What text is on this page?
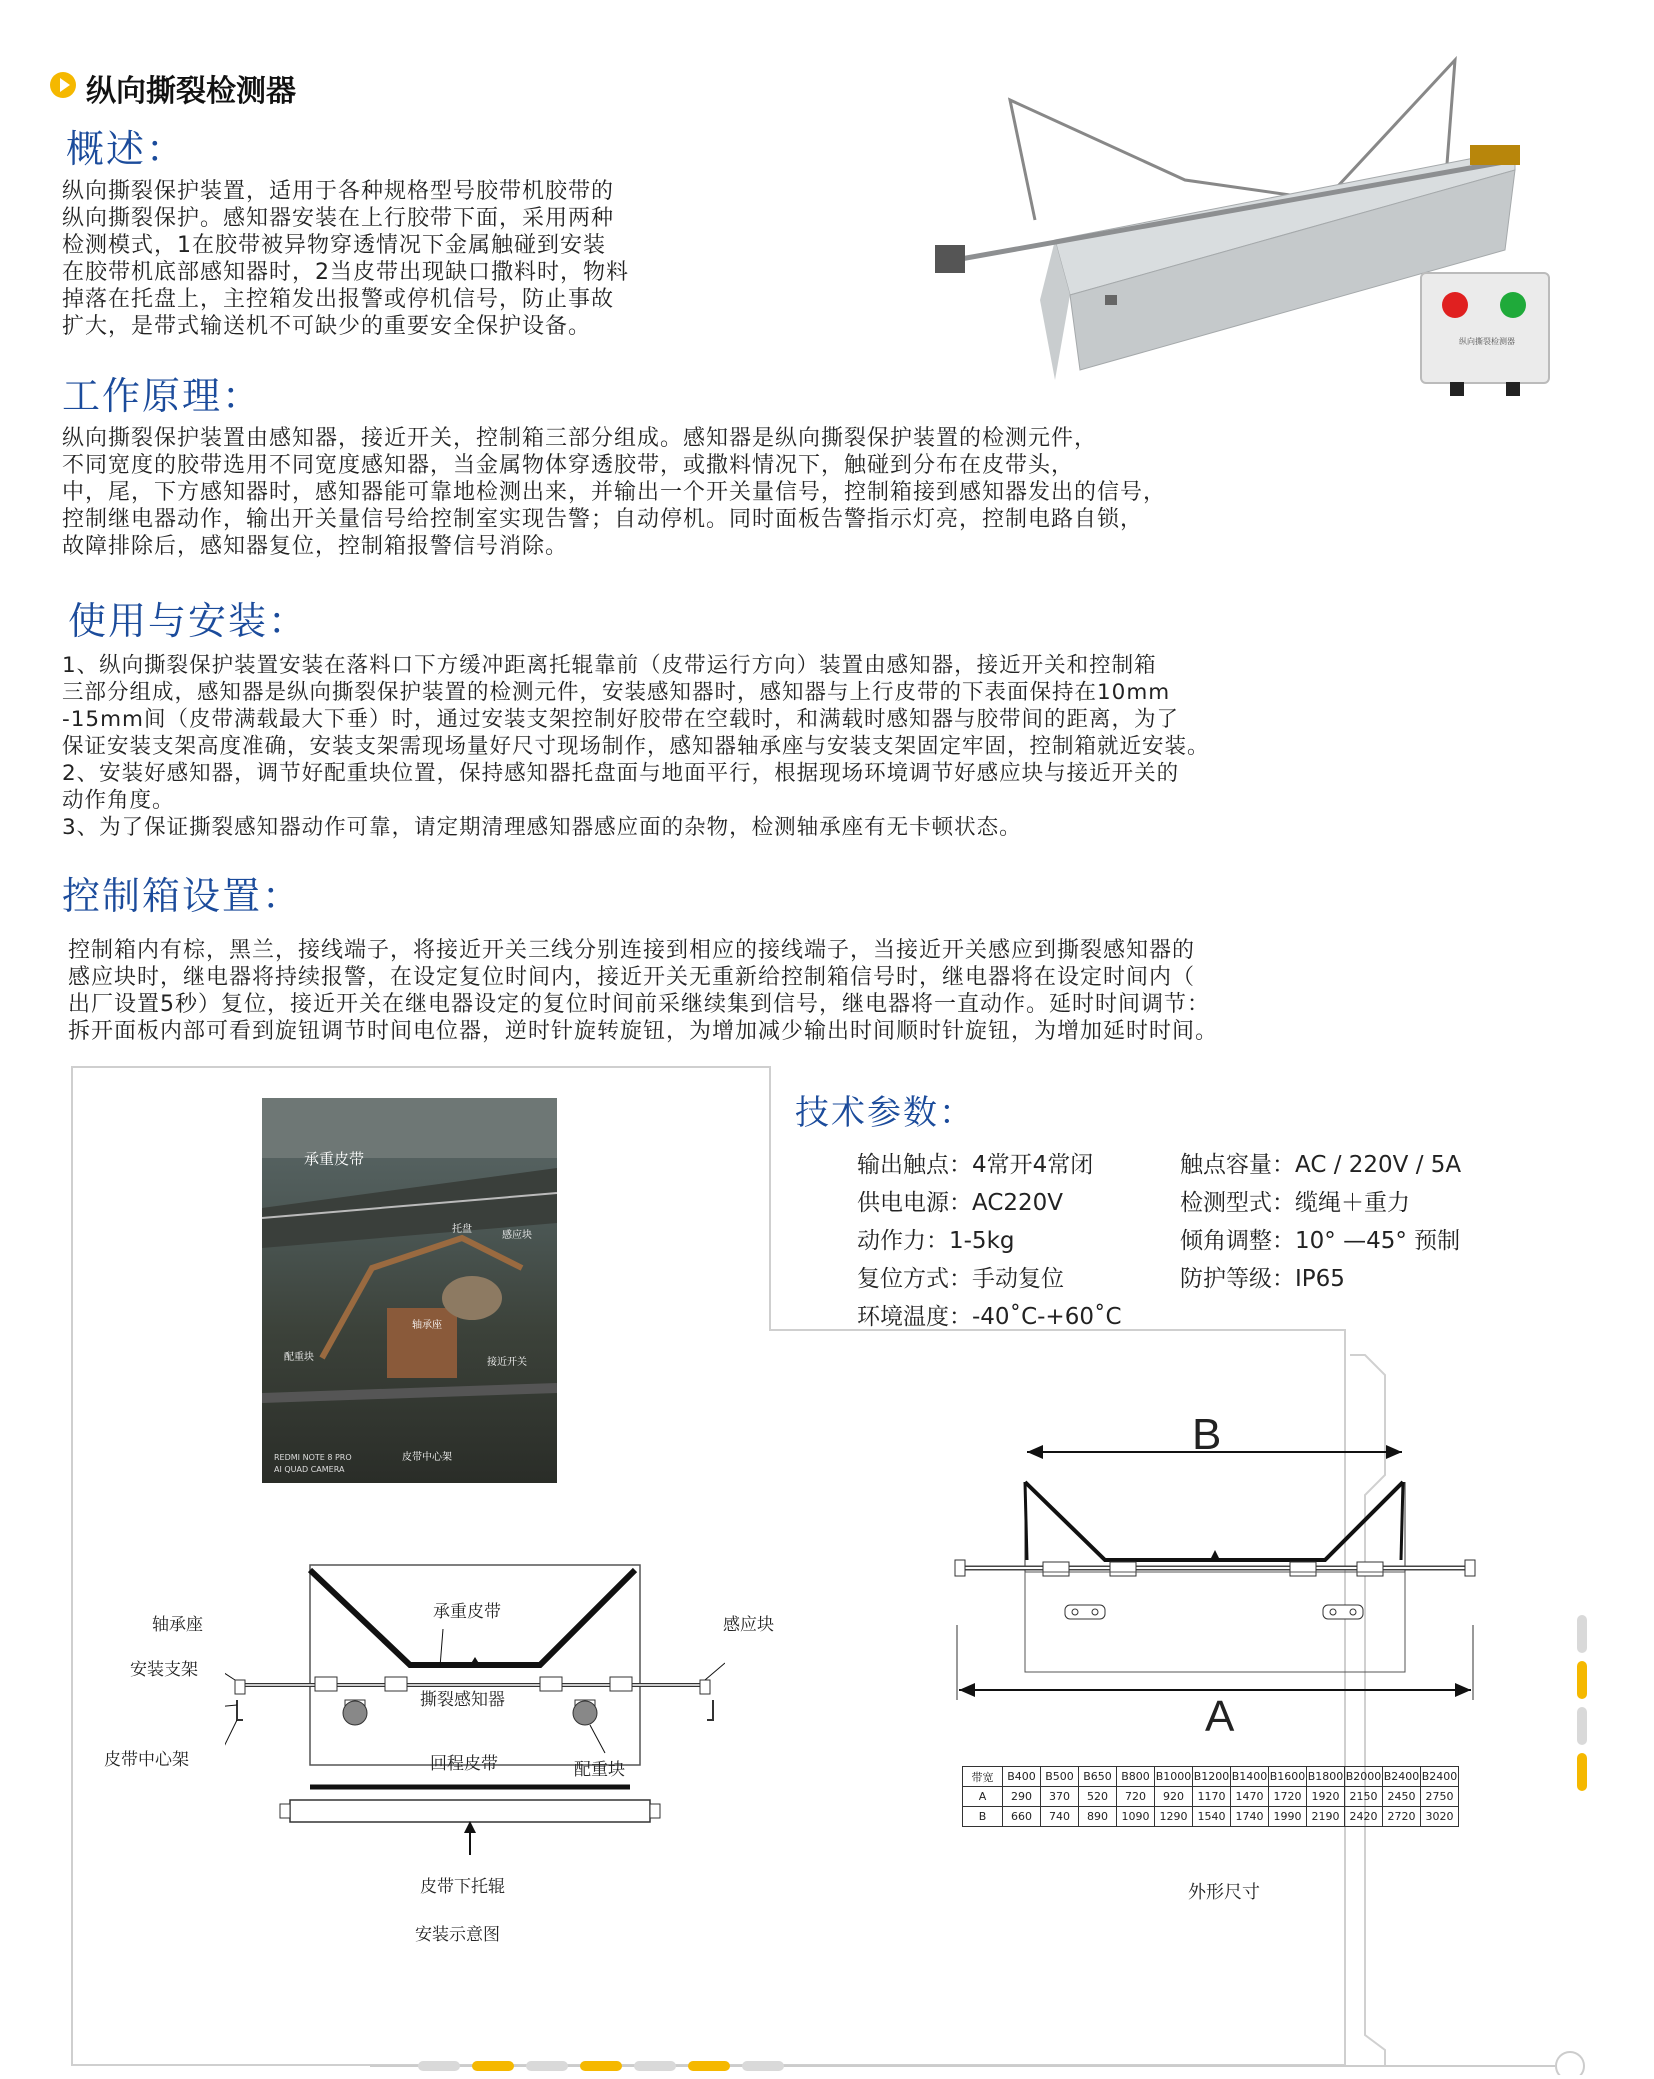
纵向撕裂检测器
概述：
纵向撕裂保护装置，适用于各种规格型号胶带机胶带的
纵向撕裂保护。感知器安装在上行胶带下面，采用两种
检测模式，1在胶带被异物穿透情况下金属触碰到安装
在胶带机底部感知器时，2当皮带出现缺口撒料时，物料
掉落在托盘上，主控箱发出报警或停机信号，防止事故
扩大，是带式输送机不可缺少的重要安全保护设备。
纵向撕裂检测器
工作原理：
纵向撕裂保护装置由感知器，接近开关，控制箱三部分组成。感知器是纵向撕裂保护装置的检测元件，
不同宽度的胶带选用不同宽度感知器，当金属物体穿透胶带，或撒料情况下，触碰到分布在皮带头，
中，尾，下方感知器时，感知器能可靠地检测出来，并输出一个开关量信号，控制箱接到感知器发出的信号，
控制继电器动作，输出开关量信号给控制室实现告警；自动停机。同时面板告警指示灯亮，控制电路自锁，
故障排除后，感知器复位，控制箱报警信号消除。
使用与安装：
1、纵向撕裂保护装置安装在落料口下方缓冲距离托辊靠前（皮带运行方向）装置由感知器，接近开关和控制箱
三部分组成，感知器是纵向撕裂保护装置的检测元件，安装感知器时，感知器与上行皮带的下表面保持在10mm
-15mm间（皮带满载最大下垂）时，通过安装支架控制好胶带在空载时，和满载时感知器与胶带间的距离，为了
保证安装支架高度准确，安装支架需现场量好尺寸现场制作，感知器轴承座与安装支架固定牢固，控制箱就近安装。
2、安装好感知器，调节好配重块位置，保持感知器托盘面与地面平行，根据现场环境调节好感应块与接近开关的
动作角度。
3、为了保证撕裂感知器动作可靠，请定期清理感知器感应面的杂物，检测轴承座有无卡顿状态。
控制箱设置：
控制箱内有棕，黑兰，接线端子，将接近开关三线分别连接到相应的接线端子，当接近开关感应到撕裂感知器的
感应块时，继电器将持续报警，在设定复位时间内，接近开关无重新给控制箱信号时，继电器将在设定时间内（
出厂设置5秒）复位，接近开关在继电器设定的复位时间前采继续集到信号，继电器将一直动作。延时时间调节：
拆开面板内部可看到旋钮调节时间电位器，逆时针旋转旋钮，为增加减少输出时间顺时针旋钮，为增加延时时间。
承重皮带
托盘
感应块
配重块
轴承座
接近开关
皮带中心架
REDMI NOTE 8 PRO
AI QUAD CAMERA
技术参数：
输出触点：4常开4常闭
供电电源：AC220V
动作力：1-5kg
复位方式：手动复位
环境温度：-40˚C-+60˚C
触点容量：AC / 220V / 5A
检测型式：缆绳＋重力
倾角调整：10° —45° 预制
防护等级：IP65
承重皮带
轴承座	感应块
安装支架
撕裂感知器
皮带中心架	回程皮带	配重块
皮带下托辊
安装示意图
B
A
带宽	B400	B500	B650	B800	B1000	B1200	B1400	B1600	B1800	B2000	B2400	B2400
A	290	370	520	720	920	1170	1470	1720	1920	2150	2450	2750
B	660	740	890	1090	1290	1540	1740	1990	2190	2420	2720	3020
外形尺寸
